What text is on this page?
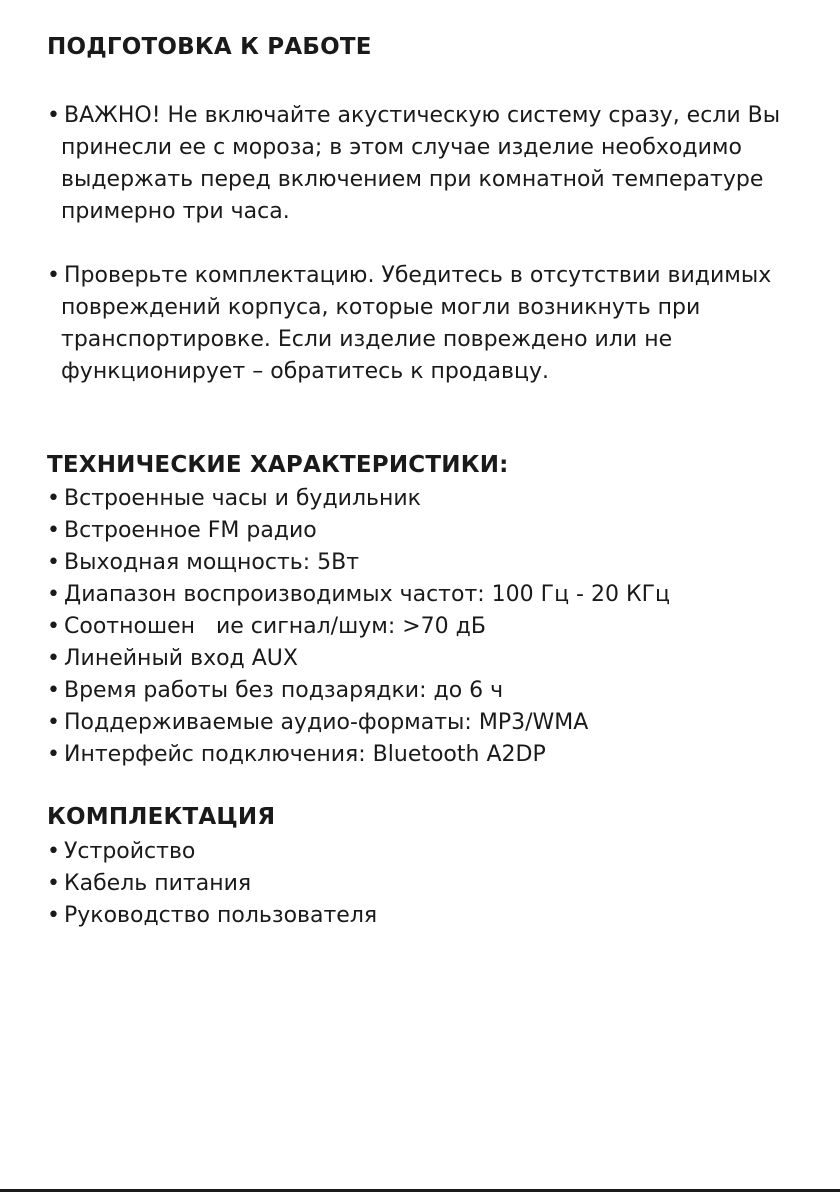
ПОДГОТОВКА К РАБОТЕ
• ВАЖНО! Не включайте акустическую систему сразу, если Вы
принесли ее с мороза; в этом случае изделие необходимо
выдержать перед включением при комнатной температуре
примерно три часа.
• Проверьте комплектацию. Убедитесь в отсутствии видимых
повреждений корпуса, которые могли возникнуть при
транспортировке. Если изделие повреждено или не
функционирует – обратитесь к продавцу.
ТЕХНИЧЕСКИЕ ХАРАКТЕРИСТИКИ:
• Встроенные часы и будильник
• Встроенное FM радио
• Выходная мощность: 5Вт
• Диапазон воспроизводимых частот: 100 Гц - 20 КГц
• Соотношен   ие сигнал/шум: >70 дБ
• Линейный вход AUX
• Время работы без подзарядки: до 6 ч
• Поддерживаемые аудио-форматы: MP3/WMA
• Интерфейс подключения: Bluetooth A2DP
КОМПЛЕКТАЦИЯ
• Устройство
• Кабель питания
• Руководство пользователя
